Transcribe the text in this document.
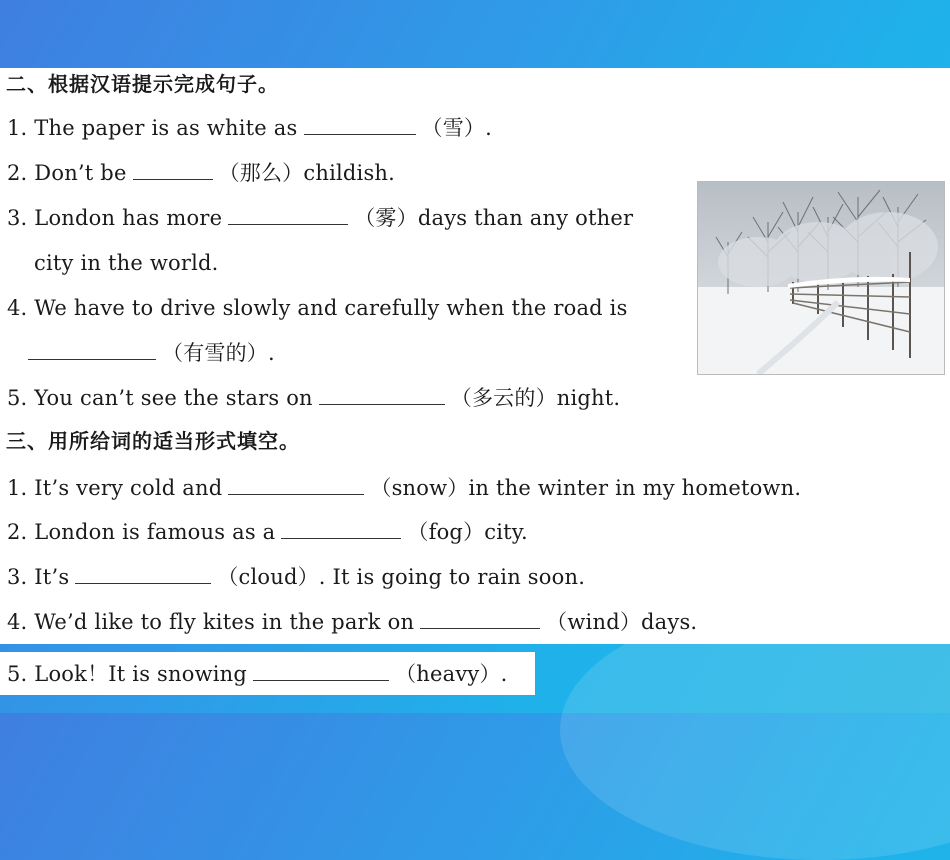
二、根据汉语提示完成句子。
1. The paper is as white as	（雪）.
2. Don’t be	（那么）childish.
3. London has more	（雾）days than any other
city in the world.
4. We have to drive slowly and carefully when the road is
（有雪的）.
5. You can’t see the stars on	（多云的）night.
三、用所给词的适当形式填空。
1. It’s very cold and	（snow）in the winter in my hometown.
2. London is famous as a	（fog）city.
3. It’s	（cloud）. It is going to rain soon.
4. We’d like to fly kites in the park on	（wind）days.
5. Look！It is snowing	（heavy）.
